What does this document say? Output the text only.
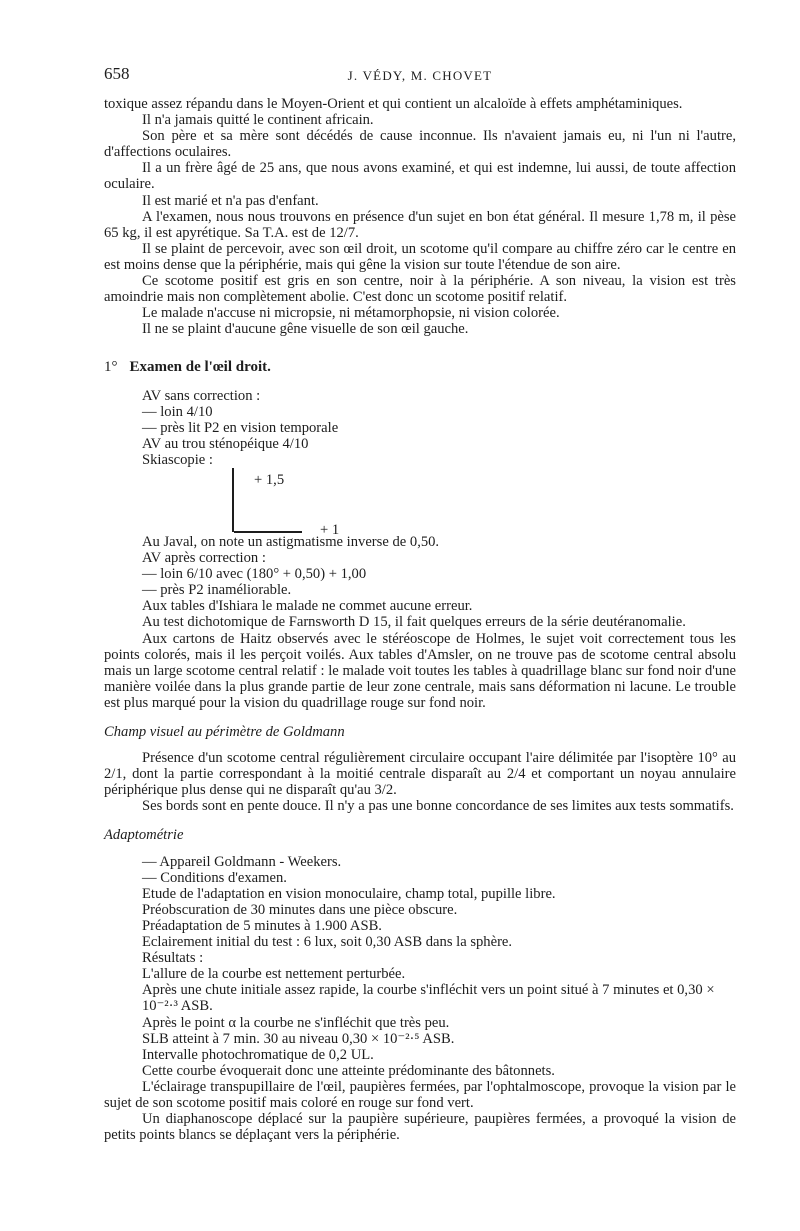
658	J. VÉDY, M. CHOVET

toxique assez répandu dans le Moyen-Orient et qui contient un alcaloïde à effets amphétaminiques.

Il n'a jamais quitté le continent africain.

Son père et sa mère sont décédés de cause inconnue. Ils n'avaient jamais eu, ni l'un ni l'autre, d'affections oculaires.

Il a un frère âgé de 25 ans, que nous avons examiné, et qui est indemne, lui aussi, de toute affection oculaire.

Il est marié et n'a pas d'enfant.

A l'examen, nous nous trouvons en présence d'un sujet en bon état général. Il mesure 1,78 m, il pèse 65 kg, il est apyrétique. Sa T.A. est de 12/7.

Il se plaint de percevoir, avec son œil droit, un scotome qu'il compare au chiffre zéro car le centre en est moins dense que la périphérie, mais qui gêne la vision sur toute l'étendue de son aire.

Ce scotome positif est gris en son centre, noir à la périphérie. A son niveau, la vision est très amoindrie mais non complètement abolie. C'est donc un scotome positif relatif.

Le malade n'accuse ni micropsie, ni métamorphopsie, ni vision colorée.

Il ne se plaint d'aucune gêne visuelle de son œil gauche.

1° Examen de l'œil droit.
AV sans correction :
— loin 4/10
— près lit P2 en vision temporale
AV au trou sténopéique 4/10
Skiascopie :
+ 1,5
+ 1
Au Javal, on note un astigmatisme inverse de 0,50.
AV après correction :
— loin 6/10 avec (180° + 0,50) + 1,00
— près P2 inaméliorable.
Aux tables d'Ishiara le malade ne commet aucune erreur.

Au test dichotomique de Farnsworth D 15, il fait quelques erreurs de la série deutéranomalie.

Aux cartons de Haitz observés avec le stéréoscope de Holmes, le sujet voit correctement tous les points colorés, mais il les perçoit voilés. Aux tables d'Amsler, on ne trouve pas de scotome central absolu mais un large scotome central relatif : le malade voit toutes les tables à quadrillage blanc sur fond noir d'une manière voilée dans la plus grande partie de leur zone centrale, mais sans déformation ni lacune. Le trouble est plus marqué pour la vision du quadrillage rouge sur fond noir.

Champ visuel au périmètre de Goldmann

Présence d'un scotome central régulièrement circulaire occupant l'aire délimitée par l'isoptère 10° au 2/1, dont la partie correspondant à la moitié centrale disparaît au 2/4 et comportant un noyau annulaire périphérique plus dense qui ne disparaît qu'au 3/2.

Ses bords sont en pente douce. Il n'y a pas une bonne concordance de ses limites aux tests sommatifs.

Adaptométrie
— Appareil Goldmann - Weekers.
— Conditions d'examen.
Etude de l'adaptation en vision monoculaire, champ total, pupille libre.
Préobscuration de 30 minutes dans une pièce obscure.
Préadaptation de 5 minutes à 1.900 ASB.
Eclairement initial du test : 6 lux, soit 0,30 ASB dans la sphère.
Résultats :
L'allure de la courbe est nettement perturbée.
Après une chute initiale assez rapide, la courbe s'infléchit vers un point situé à 7 minutes et 0,30 × 10⁻²·³ ASB.
Après le point α la courbe ne s'infléchit que très peu.
SLB atteint à 7 min. 30 au niveau 0,30 × 10⁻²·⁵ ASB.
Intervalle photochromatique de 0,2 UL.
Cette courbe évoquerait donc une atteinte prédominante des bâtonnets.

L'éclairage transpupillaire de l'œil, paupières fermées, par l'ophtalmoscope, provoque la vision par le sujet de son scotome positif mais coloré en rouge sur fond vert.

Un diaphanoscope déplacé sur la paupière supérieure, paupières fermées, a provoqué la vision de petits points blancs se déplaçant vers la périphérie.
